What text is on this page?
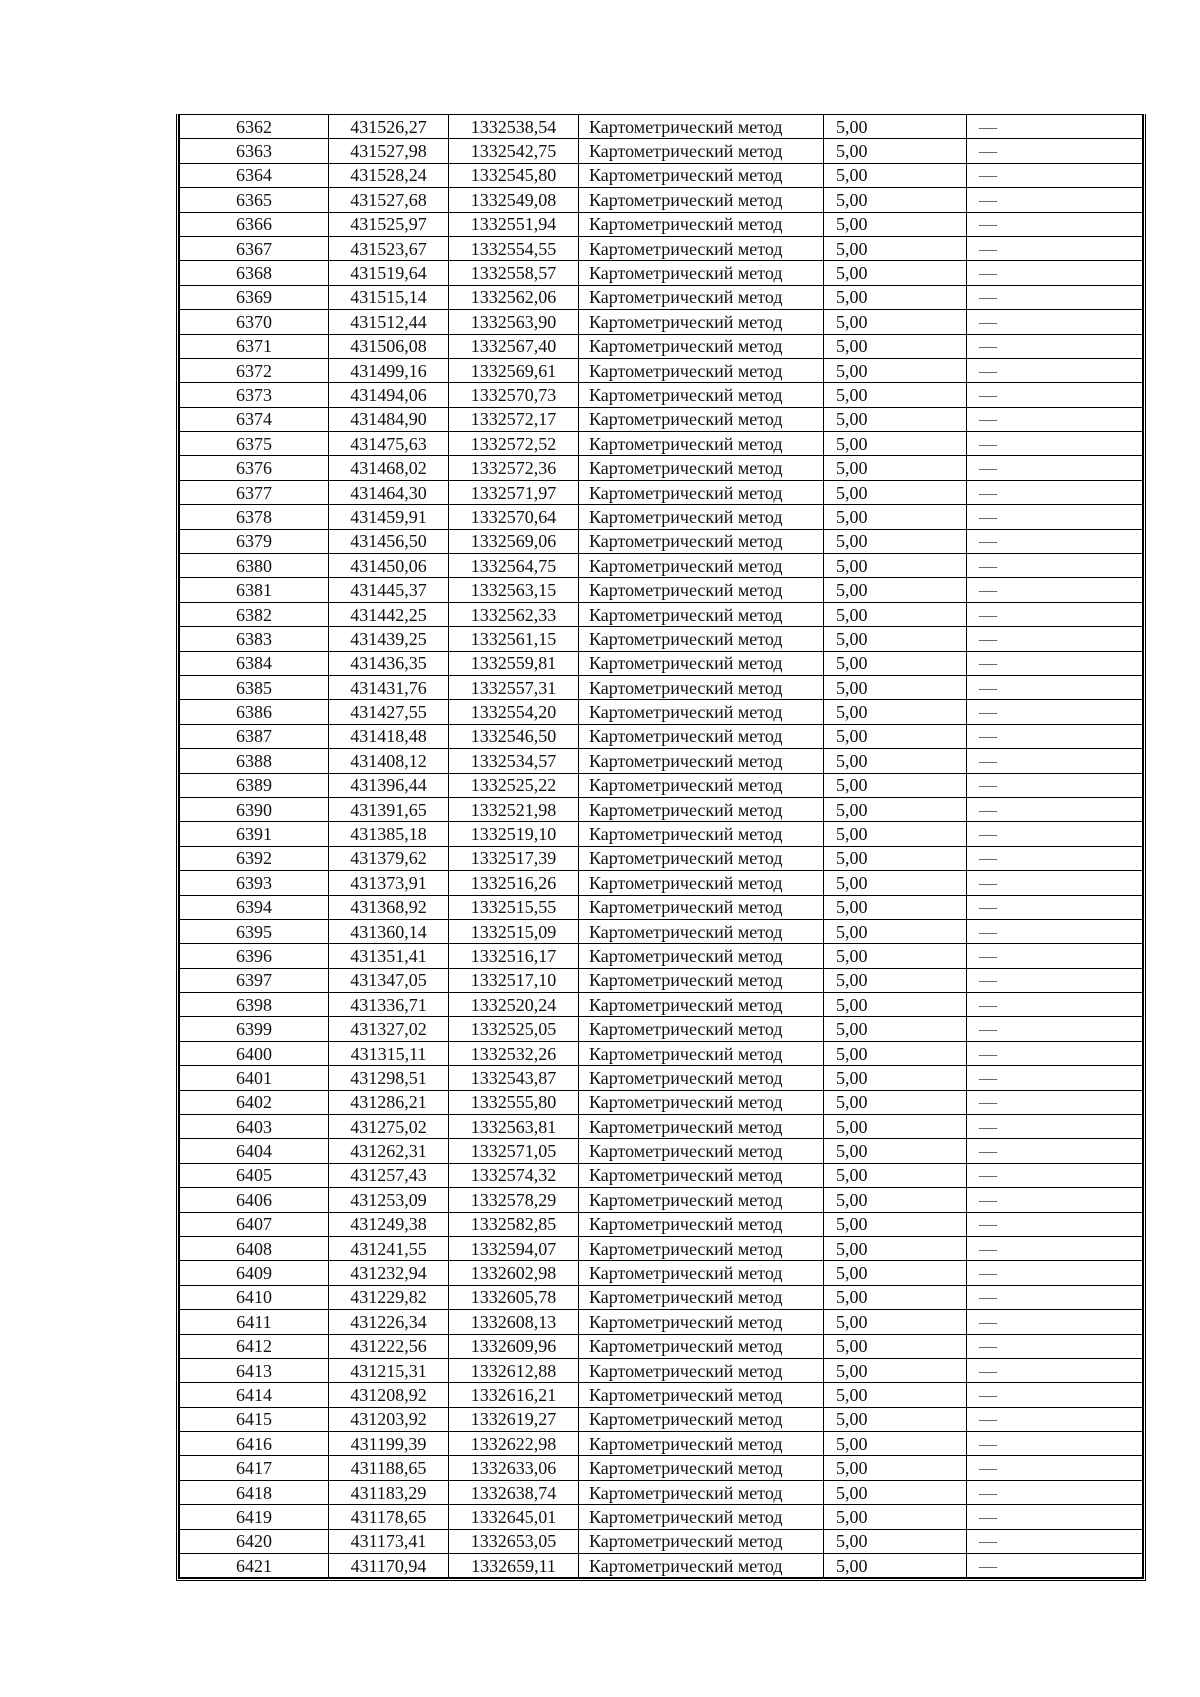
6362	431526,27	1332538,54	Картометрический метод	5,00	—
6363	431527,98	1332542,75	Картометрический метод	5,00	—
6364	431528,24	1332545,80	Картометрический метод	5,00	—
6365	431527,68	1332549,08	Картометрический метод	5,00	—
6366	431525,97	1332551,94	Картометрический метод	5,00	—
6367	431523,67	1332554,55	Картометрический метод	5,00	—
6368	431519,64	1332558,57	Картометрический метод	5,00	—
6369	431515,14	1332562,06	Картометрический метод	5,00	—
6370	431512,44	1332563,90	Картометрический метод	5,00	—
6371	431506,08	1332567,40	Картометрический метод	5,00	—
6372	431499,16	1332569,61	Картометрический метод	5,00	—
6373	431494,06	1332570,73	Картометрический метод	5,00	—
6374	431484,90	1332572,17	Картометрический метод	5,00	—
6375	431475,63	1332572,52	Картометрический метод	5,00	—
6376	431468,02	1332572,36	Картометрический метод	5,00	—
6377	431464,30	1332571,97	Картометрический метод	5,00	—
6378	431459,91	1332570,64	Картометрический метод	5,00	—
6379	431456,50	1332569,06	Картометрический метод	5,00	—
6380	431450,06	1332564,75	Картометрический метод	5,00	—
6381	431445,37	1332563,15	Картометрический метод	5,00	—
6382	431442,25	1332562,33	Картометрический метод	5,00	—
6383	431439,25	1332561,15	Картометрический метод	5,00	—
6384	431436,35	1332559,81	Картометрический метод	5,00	—
6385	431431,76	1332557,31	Картометрический метод	5,00	—
6386	431427,55	1332554,20	Картометрический метод	5,00	—
6387	431418,48	1332546,50	Картометрический метод	5,00	—
6388	431408,12	1332534,57	Картометрический метод	5,00	—
6389	431396,44	1332525,22	Картометрический метод	5,00	—
6390	431391,65	1332521,98	Картометрический метод	5,00	—
6391	431385,18	1332519,10	Картометрический метод	5,00	—
6392	431379,62	1332517,39	Картометрический метод	5,00	—
6393	431373,91	1332516,26	Картометрический метод	5,00	—
6394	431368,92	1332515,55	Картометрический метод	5,00	—
6395	431360,14	1332515,09	Картометрический метод	5,00	—
6396	431351,41	1332516,17	Картометрический метод	5,00	—
6397	431347,05	1332517,10	Картометрический метод	5,00	—
6398	431336,71	1332520,24	Картометрический метод	5,00	—
6399	431327,02	1332525,05	Картометрический метод	5,00	—
6400	431315,11	1332532,26	Картометрический метод	5,00	—
6401	431298,51	1332543,87	Картометрический метод	5,00	—
6402	431286,21	1332555,80	Картометрический метод	5,00	—
6403	431275,02	1332563,81	Картометрический метод	5,00	—
6404	431262,31	1332571,05	Картометрический метод	5,00	—
6405	431257,43	1332574,32	Картометрический метод	5,00	—
6406	431253,09	1332578,29	Картометрический метод	5,00	—
6407	431249,38	1332582,85	Картометрический метод	5,00	—
6408	431241,55	1332594,07	Картометрический метод	5,00	—
6409	431232,94	1332602,98	Картометрический метод	5,00	—
6410	431229,82	1332605,78	Картометрический метод	5,00	—
6411	431226,34	1332608,13	Картометрический метод	5,00	—
6412	431222,56	1332609,96	Картометрический метод	5,00	—
6413	431215,31	1332612,88	Картометрический метод	5,00	—
6414	431208,92	1332616,21	Картометрический метод	5,00	—
6415	431203,92	1332619,27	Картометрический метод	5,00	—
6416	431199,39	1332622,98	Картометрический метод	5,00	—
6417	431188,65	1332633,06	Картометрический метод	5,00	—
6418	431183,29	1332638,74	Картометрический метод	5,00	—
6419	431178,65	1332645,01	Картометрический метод	5,00	—
6420	431173,41	1332653,05	Картометрический метод	5,00	—
6421	431170,94	1332659,11	Картометрический метод	5,00	—
